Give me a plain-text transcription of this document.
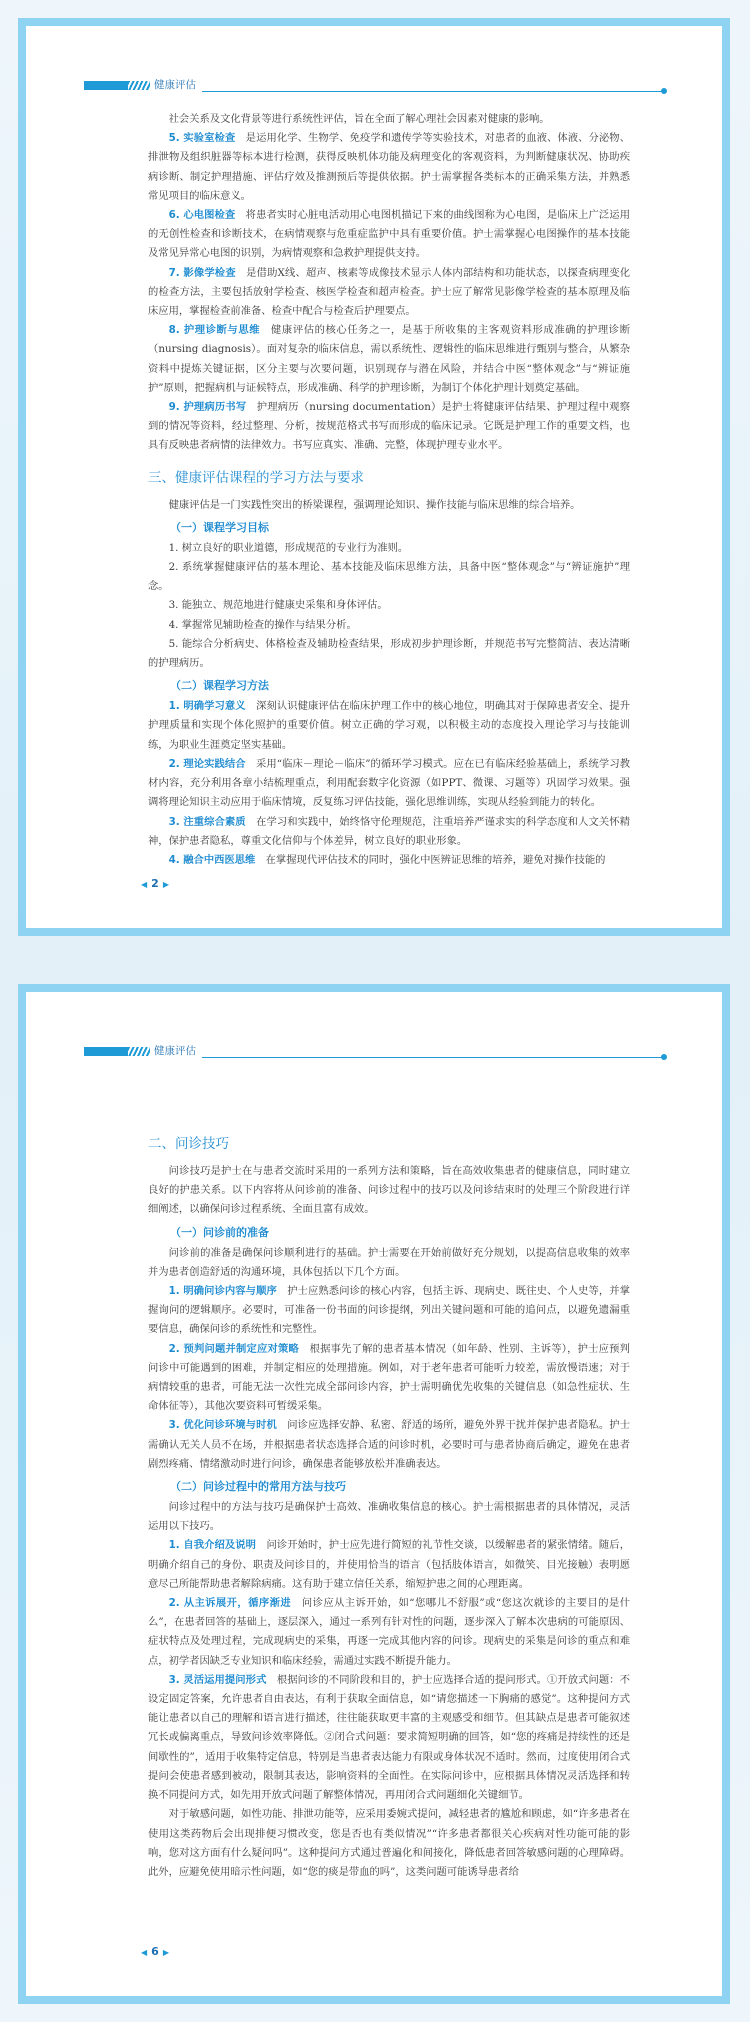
健康评估

社会关系及文化背景等进行系统性评估，旨在全面了解心理社会因素对健康的影响。

5. 实验室检查  是运用化学、生物学、免疫学和遗传学等实验技术，对患者的血液、体液、分泌物、排泄物及组织脏器等标本进行检测，获得反映机体功能及病理变化的客观资料，为判断健康状况、协助疾病诊断、制定护理措施、评估疗效及推测预后等提供依据。护士需掌握各类标本的正确采集方法，并熟悉常见项目的临床意义。

6. 心电图检查  将患者实时心脏电活动用心电图机描记下来的曲线图称为心电图，是临床上广泛运用的无创性检查和诊断技术，在病情观察与危重症监护中具有重要价值。护士需掌握心电图操作的基本技能及常见异常心电图的识别，为病情观察和急救护理提供支持。

7. 影像学检查  是借助X线、超声、核素等成像技术显示人体内部结构和功能状态，以探查病理变化的检查方法，主要包括放射学检查、核医学检查和超声检查。护士应了解常见影像学检查的基本原理及临床应用，掌握检查前准备、检查中配合与检查后护理要点。

8. 护理诊断与思维  健康评估的核心任务之一，是基于所收集的主客观资料形成准确的护理诊断（nursing diagnosis）。面对复杂的临床信息，需以系统性、逻辑性的临床思维进行甄别与整合，从繁杂资料中提炼关键证据，区分主要与次要问题，识别现存与潜在风险，并结合中医“整体观念”与“辨证施护”原则，把握病机与证候特点，形成准确、科学的护理诊断，为制订个体化护理计划奠定基础。

9. 护理病历书写  护理病历（nursing documentation）是护士将健康评估结果、护理过程中观察到的情况等资料，经过整理、分析，按规范格式书写而形成的临床记录。它既是护理工作的重要文档，也具有反映患者病情的法律效力。书写应真实、准确、完整，体现护理专业水平。

三、健康评估课程的学习方法与要求

健康评估是一门实践性突出的桥梁课程，强调理论知识、操作技能与临床思维的综合培养。

（一）课程学习目标

1. 树立良好的职业道德，形成规范的专业行为准则。

2. 系统掌握健康评估的基本理论、基本技能及临床思维方法，具备中医“整体观念”与“辨证施护”理念。

3. 能独立、规范地进行健康史采集和身体评估。

4. 掌握常见辅助检查的操作与结果分析。

5. 能综合分析病史、体格检查及辅助检查结果，形成初步护理诊断，并规范书写完整简洁、表达清晰的护理病历。

（二）课程学习方法

1. 明确学习意义  深刻认识健康评估在临床护理工作中的核心地位，明确其对于保障患者安全、提升护理质量和实现个体化照护的重要价值。树立正确的学习观，以积极主动的态度投入理论学习与技能训练，为职业生涯奠定坚实基础。

2. 理论实践结合  采用“临床－理论－临床”的循环学习模式。应在已有临床经验基础上，系统学习教材内容，充分利用各章小结梳理重点，利用配套数字化资源（如PPT、微课、习题等）巩固学习效果。强调将理论知识主动应用于临床情境，反复练习评估技能，强化思维训练，实现从经验到能力的转化。

3. 注重综合素质  在学习和实践中，始终恪守伦理规范，注重培养严谨求实的科学态度和人文关怀精神，保护患者隐私，尊重文化信仰与个体差异，树立良好的职业形象。

4. 融合中西医思维  在掌握现代评估技术的同时，强化中医辨证思维的培养，避免对操作技能的

◀ 2 ▶
健康评估
二、问诊技巧

问诊技巧是护士在与患者交流时采用的一系列方法和策略，旨在高效收集患者的健康信息，同时建立良好的护患关系。以下内容将从问诊前的准备、问诊过程中的技巧以及问诊结束时的处理三个阶段进行详细阐述，以确保问诊过程系统、全面且富有成效。

（一）问诊前的准备

问诊前的准备是确保问诊顺利进行的基础。护士需要在开始前做好充分规划，以提高信息收集的效率并为患者创造舒适的沟通环境，具体包括以下几个方面。

1. 明确问诊内容与顺序  护士应熟悉问诊的核心内容，包括主诉、现病史、既往史、个人史等，并掌握询问的逻辑顺序。必要时，可准备一份书面的问诊提纲，列出关键问题和可能的追问点，以避免遗漏重要信息，确保问诊的系统性和完整性。

2. 预判问题并制定应对策略  根据事先了解的患者基本情况（如年龄、性别、主诉等），护士应预判问诊中可能遇到的困难，并制定相应的处理措施。例如，对于老年患者可能听力较差，需放慢语速；对于病情较重的患者，可能无法一次性完成全部问诊内容，护士需明确优先收集的关键信息（如急性症状、生命体征等），其他次要资料可暂缓采集。

3. 优化问诊环境与时机  问诊应选择安静、私密、舒适的场所，避免外界干扰并保护患者隐私。护士需确认无关人员不在场，并根据患者状态选择合适的问诊时机，必要时可与患者协商后确定，避免在患者剧烈疼痛、情绪激动时进行问诊，确保患者能够放松并准确表达。

（二）问诊过程中的常用方法与技巧

问诊过程中的方法与技巧是确保护士高效、准确收集信息的核心。护士需根据患者的具体情况，灵活运用以下技巧。

1. 自我介绍及说明  问诊开始时，护士应先进行简短的礼节性交谈，以缓解患者的紧张情绪。随后，明确介绍自己的身份、职责及问诊目的，并使用恰当的语言（包括肢体语言，如微笑、目光接触）表明愿意尽己所能帮助患者解除病痛。这有助于建立信任关系，缩短护患之间的心理距离。

2. 从主诉展开，循序渐进  问诊应从主诉开始，如“您哪儿不舒服”或“您这次就诊的主要目的是什么”，在患者回答的基础上，逐层深入，通过一系列有针对性的问题，逐步深入了解本次患病的可能原因、症状特点及处理过程，完成现病史的采集，再逐一完成其他内容的问诊。现病史的采集是问诊的重点和难点，初学者因缺乏专业知识和临床经验，需通过实践不断提升能力。

3. 灵活运用提问形式  根据问诊的不同阶段和目的，护士应选择合适的提问形式。①开放式问题：不设定固定答案，允许患者自由表达，有利于获取全面信息，如“请您描述一下胸痛的感觉”。这种提问方式能让患者以自己的理解和语言进行描述，往往能获取更丰富的主观感受和细节。但其缺点是患者可能叙述冗长或偏离重点，导致问诊效率降低。②闭合式问题：要求简短明确的回答，如“您的疼痛是持续性的还是间歇性的”，适用于收集特定信息，特别是当患者表达能力有限或身体状况不适时。然而，过度使用闭合式提问会使患者感到被动，限制其表达，影响资料的全面性。在实际问诊中，应根据具体情况灵活选择和转换不同提问方式，如先用开放式问题了解整体情况，再用闭合式问题细化关键细节。

对于敏感问题，如性功能、排泄功能等，应采用委婉式提问，减轻患者的尴尬和顾虑，如“许多患者在使用这类药物后会出现排便习惯改变，您是否也有类似情况”“许多患者都很关心疾病对性功能可能的影响，您对这方面有什么疑问吗”。这种提问方式通过普遍化和间接化，降低患者回答敏感问题的心理障碍。此外，应避免使用暗示性问题，如“您的痰是带血的吗”，这类问题可能诱导患者给

◀ 6 ▶
